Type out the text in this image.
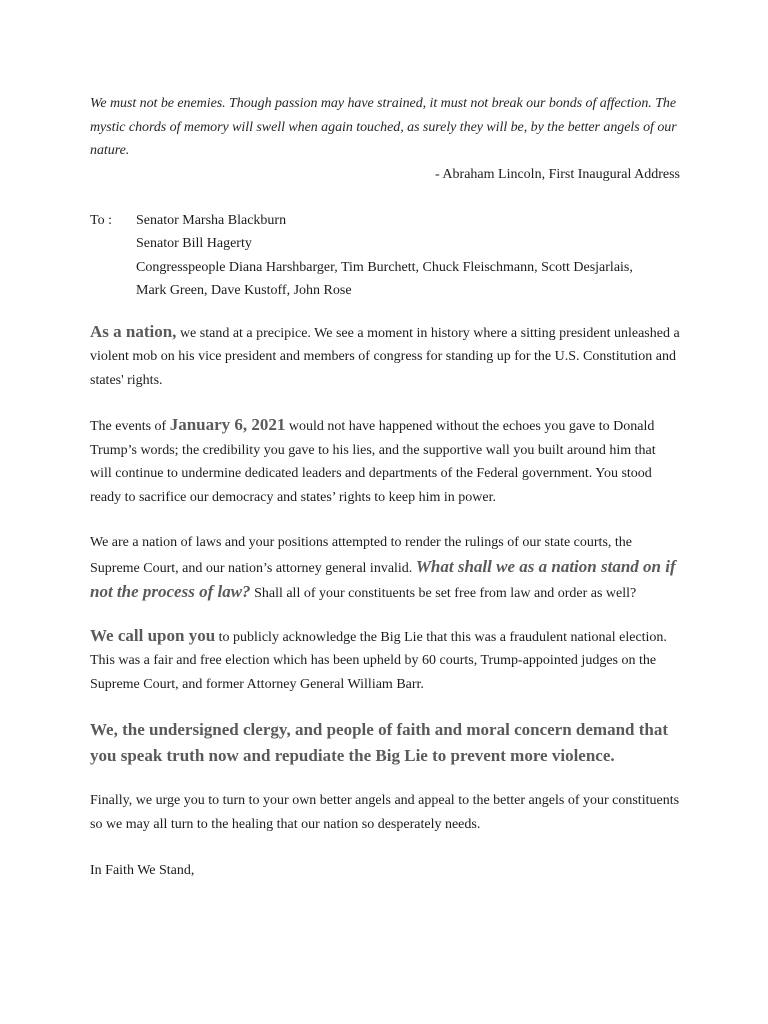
We must not be enemies. Though passion may have strained, it must not break our bonds of affection. The mystic chords of memory will swell when again touched, as surely they will be, by the better angels of our nature.
- Abraham Lincoln, First Inaugural Address
To :	Senator Marsha Blackburn
Senator Bill Hagerty
Congresspeople Diana Harshbarger, Tim Burchett, Chuck Fleischmann, Scott Desjarlais,
Mark Green, Dave Kustoff, John Rose
As a nation, we stand at a precipice. We see a moment in history where a sitting president unleashed a violent mob on his vice president and members of congress for standing up for the U.S. Constitution and states' rights.
The events of January 6, 2021 would not have happened without the echoes you gave to Donald Trump’s words; the credibility you gave to his lies, and the supportive wall you built around him that will continue to undermine dedicated leaders and departments of the Federal government. You stood ready to sacrifice our democracy and states’ rights to keep him in power.
We are a nation of laws and your positions attempted to render the rulings of our state courts, the Supreme Court, and our nation’s attorney general invalid. What shall we as a nation stand on if not the process of law? Shall all of your constituents be set free from law and order as well?
We call upon you to publicly acknowledge the Big Lie that this was a fraudulent national election. This was a fair and free election which has been upheld by 60 courts, Trump-appointed judges on the Supreme Court, and former Attorney General William Barr.
We, the undersigned clergy, and people of faith and moral concern demand that you speak truth now and repudiate the Big Lie to prevent more violence.
Finally, we urge you to turn to your own better angels and appeal to the better angels of your constituents so we may all turn to the healing that our nation so desperately needs.
In Faith We Stand,
